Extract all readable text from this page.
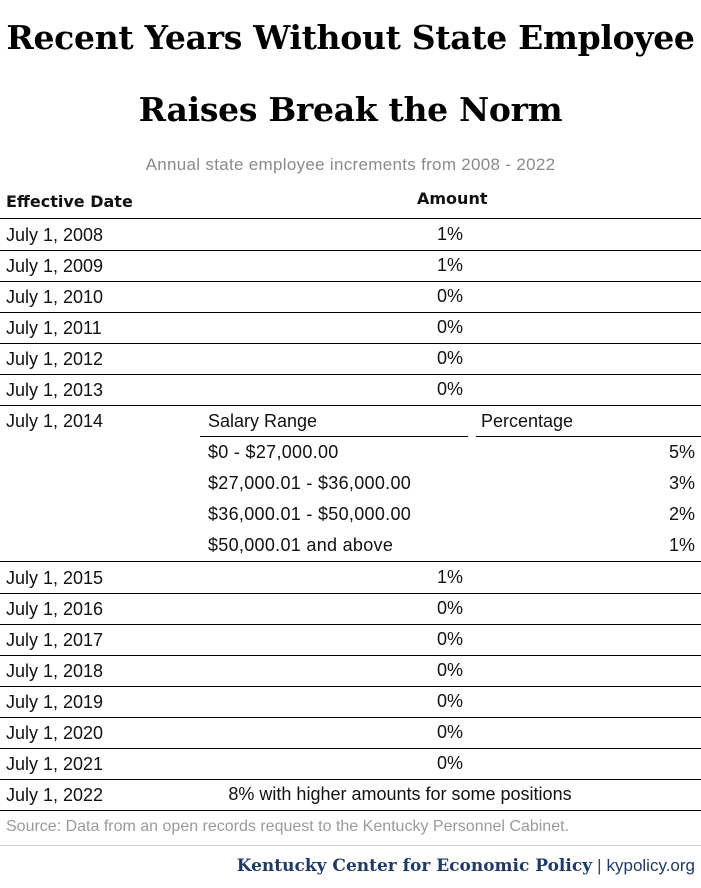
Recent Years Without State Employee
Raises Break the Norm
Annual state employee increments from 2008 - 2022
Effective Date	Amount
July 1, 2008	1%
July 1, 2009	1%
July 1, 2010	0%
July 1, 2011	0%
July 1, 2012	0%
July 1, 2013	0%
July 1, 2014	Salary Range	Percentage
$0 - $27,000.00	5%
$27,000.01 - $36,000.00	3%
$36,000.01 - $50,000.00	2%
$50,000.01 and above	1%
July 1, 2015	1%
July 1, 2016	0%
July 1, 2017	0%
July 1, 2018	0%
July 1, 2019	0%
July 1, 2020	0%
July 1, 2021	0%
July 1, 2022	8% with higher amounts for some positions
Source: Data from an open records request to the Kentucky Personnel Cabinet.
Kentucky Center for Economic Policy | kypolicy.org
